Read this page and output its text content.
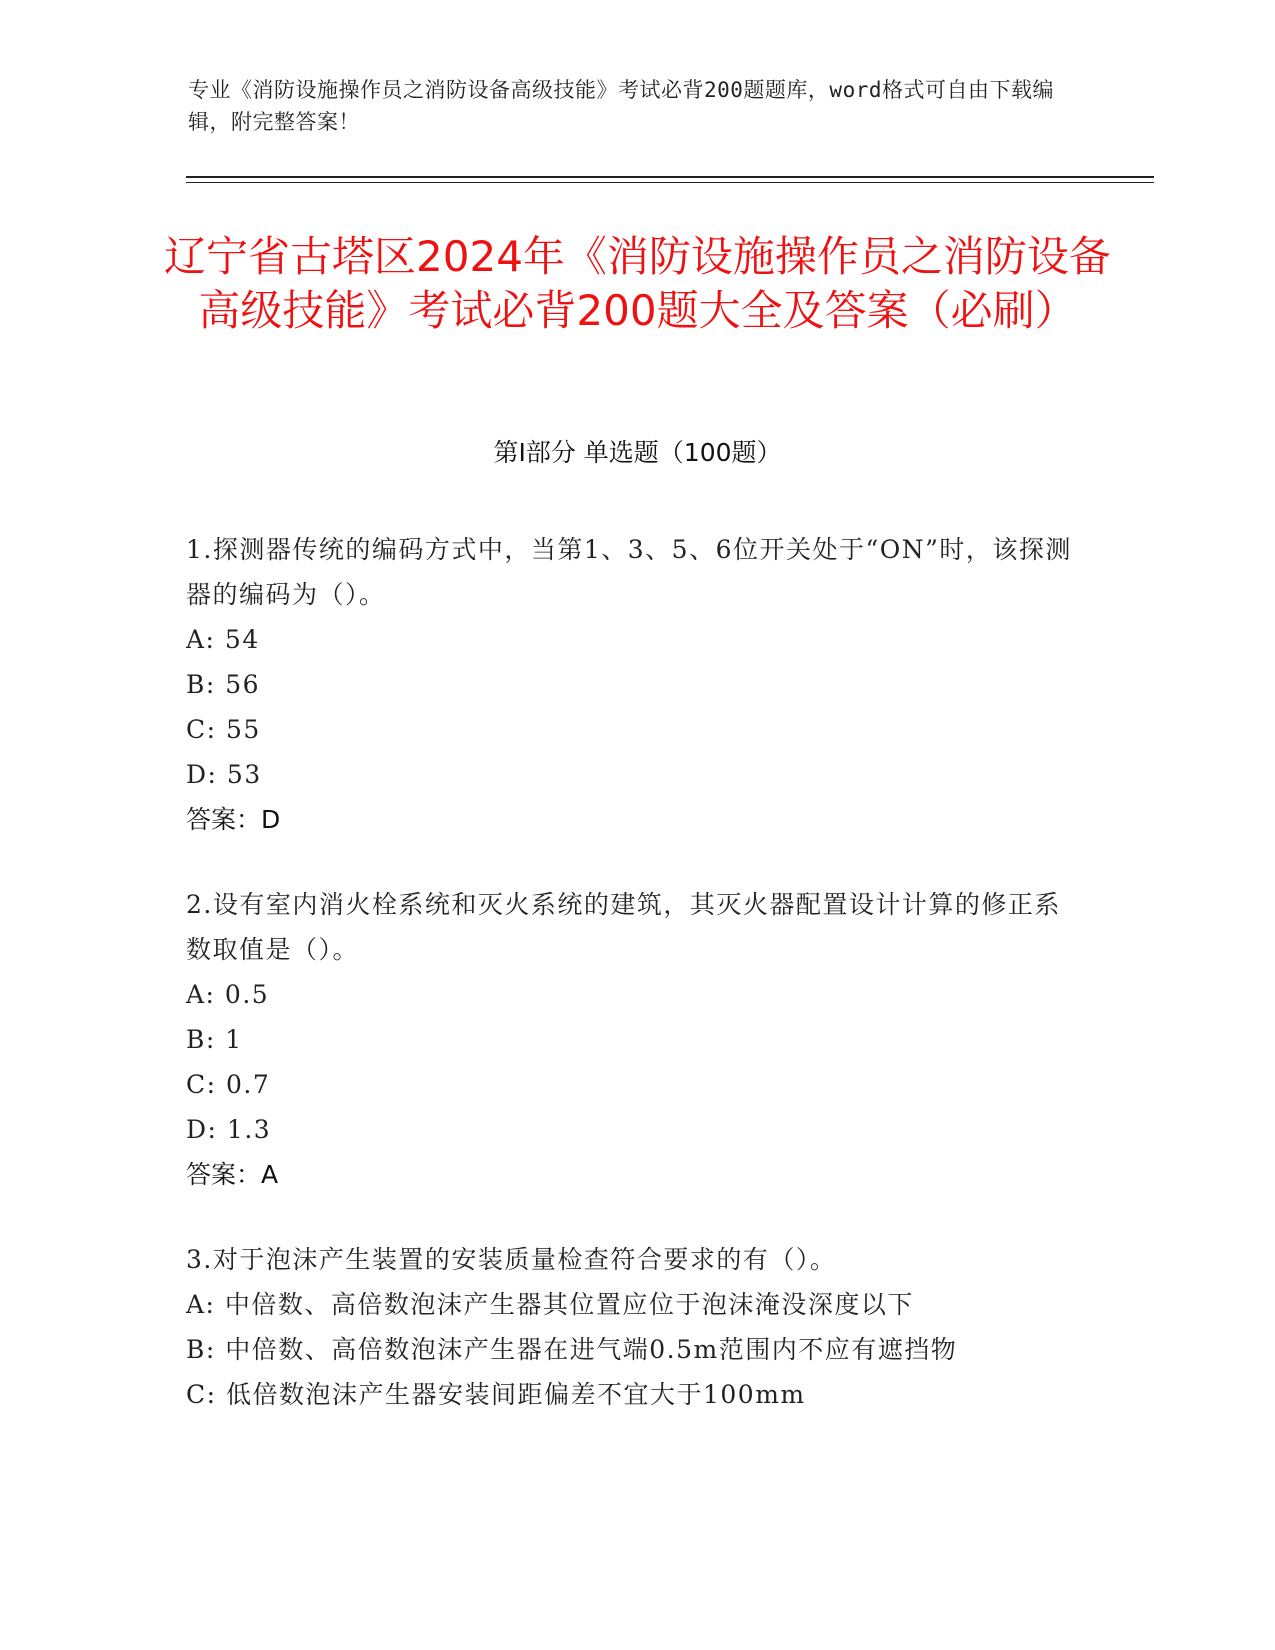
专业《消防设施操作员之消防设备高级技能》考试必背200题题库，word格式可自由下载编辑，附完整答案！
辽宁省古塔区2024年《消防设施操作员之消防设备高级技能》考试必背200题大全及答案（必刷）
第I部分 单选题（100题）
1.探测器传统的编码方式中，当第1、3、5、6位开关处于“ON”时，该探测器的编码为（）。
A: 54
B: 56
C: 55
D: 53
答案：D
2.设有室内消火栓系统和灭火系统的建筑，其灭火器配置设计计算的修正系数取值是（）。
A: 0.5
B: 1
C: 0.7
D: 1.3
答案：A
3.对于泡沫产生装置的安装质量检查符合要求的有（）。
A: 中倍数、高倍数泡沫产生器其位置应位于泡沫淹没深度以下
B: 中倍数、高倍数泡沫产生器在进气端0.5m范围内不应有遮挡物
C: 低倍数泡沫产生器安装间距偏差不宜大于100mm
